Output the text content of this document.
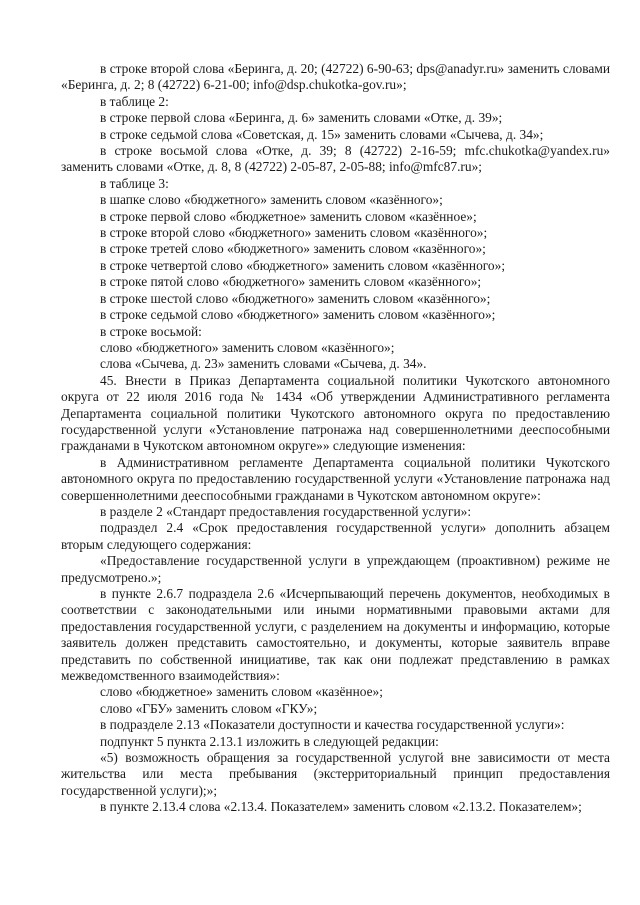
в строке второй слова «Беринга, д. 20; (42722) 6-90-63; dps@anadyr.ru» заменить словами «Беринга, д. 2; 8 (42722) 6-21-00; info@dsp.chukotka-gov.ru»;

в таблице 2:

в строке первой слова «Беринга, д. 6» заменить словами «Отке, д. 39»;

в строке седьмой слова «Советская, д. 15» заменить словами «Сычева, д. 34»;

в строке восьмой слова «Отке, д. 39; 8 (42722) 2-16-59; mfc.chukotka@yandex.ru» заменить словами «Отке, д. 8, 8 (42722) 2-05-87, 2-05-88; info@mfc87.ru»;

в таблице 3:

в шапке слово «бюджетного» заменить словом «казённого»;

в строке первой слово «бюджетное» заменить словом «казённое»;

в строке второй слово «бюджетного» заменить словом «казённого»;

в строке третей слово «бюджетного» заменить словом «казённого»;

в строке четвертой слово «бюджетного» заменить словом «казённого»;

в строке пятой слово «бюджетного» заменить словом «казённого»;

в строке шестой слово «бюджетного» заменить словом «казённого»;

в строке седьмой слово «бюджетного» заменить словом «казённого»;

в строке восьмой:

слово «бюджетного» заменить словом «казённого»;

слова «Сычева, д. 23» заменить словами «Сычева, д. 34».

45. Внести в Приказ Департамента социальной политики Чукотского автономного округа от 22 июля 2016 года № 1434 «Об утверждении Административного регламента Департамента социальной политики Чукотского автономного округа по предоставлению государственной услуги «Установление патронажа над совершеннолетними дееспособными гражданами в Чукотском автономном округе»» следующие изменения:

в Административном регламенте Департамента социальной политики Чукотского автономного округа по предоставлению государственной услуги «Установление патронажа над совершеннолетними дееспособными гражданами в Чукотском автономном округе»:

в разделе 2 «Стандарт предоставления государственной услуги»:

подраздел 2.4 «Срок предоставления государственной услуги» дополнить абзацем вторым следующего содержания:

«Предоставление государственной услуги в упреждающем (проактивном) режиме не предусмотрено.»;

в пункте 2.6.7 подраздела 2.6 «Исчерпывающий перечень документов, необходимых в соответствии с законодательными или иными нормативными правовыми актами для предоставления государственной услуги, с разделением на документы и информацию, которые заявитель должен представить самостоятельно, и документы, которые заявитель вправе представить по собственной инициативе, так как они подлежат представлению в рамках межведомственного взаимодействия»:

слово «бюджетное» заменить словом «казённое»;

слово «ГБУ» заменить словом «ГКУ»;

в подразделе 2.13 «Показатели доступности и качества государственной услуги»:

подпункт 5 пункта 2.13.1 изложить в следующей редакции:

«5) возможность обращения за государственной услугой вне зависимости от места жительства или места пребывания (экстерриториальный принцип предоставления государственной услуги);»;

в пункте 2.13.4 слова «2.13.4. Показателем» заменить словом «2.13.2. Показателем»;
